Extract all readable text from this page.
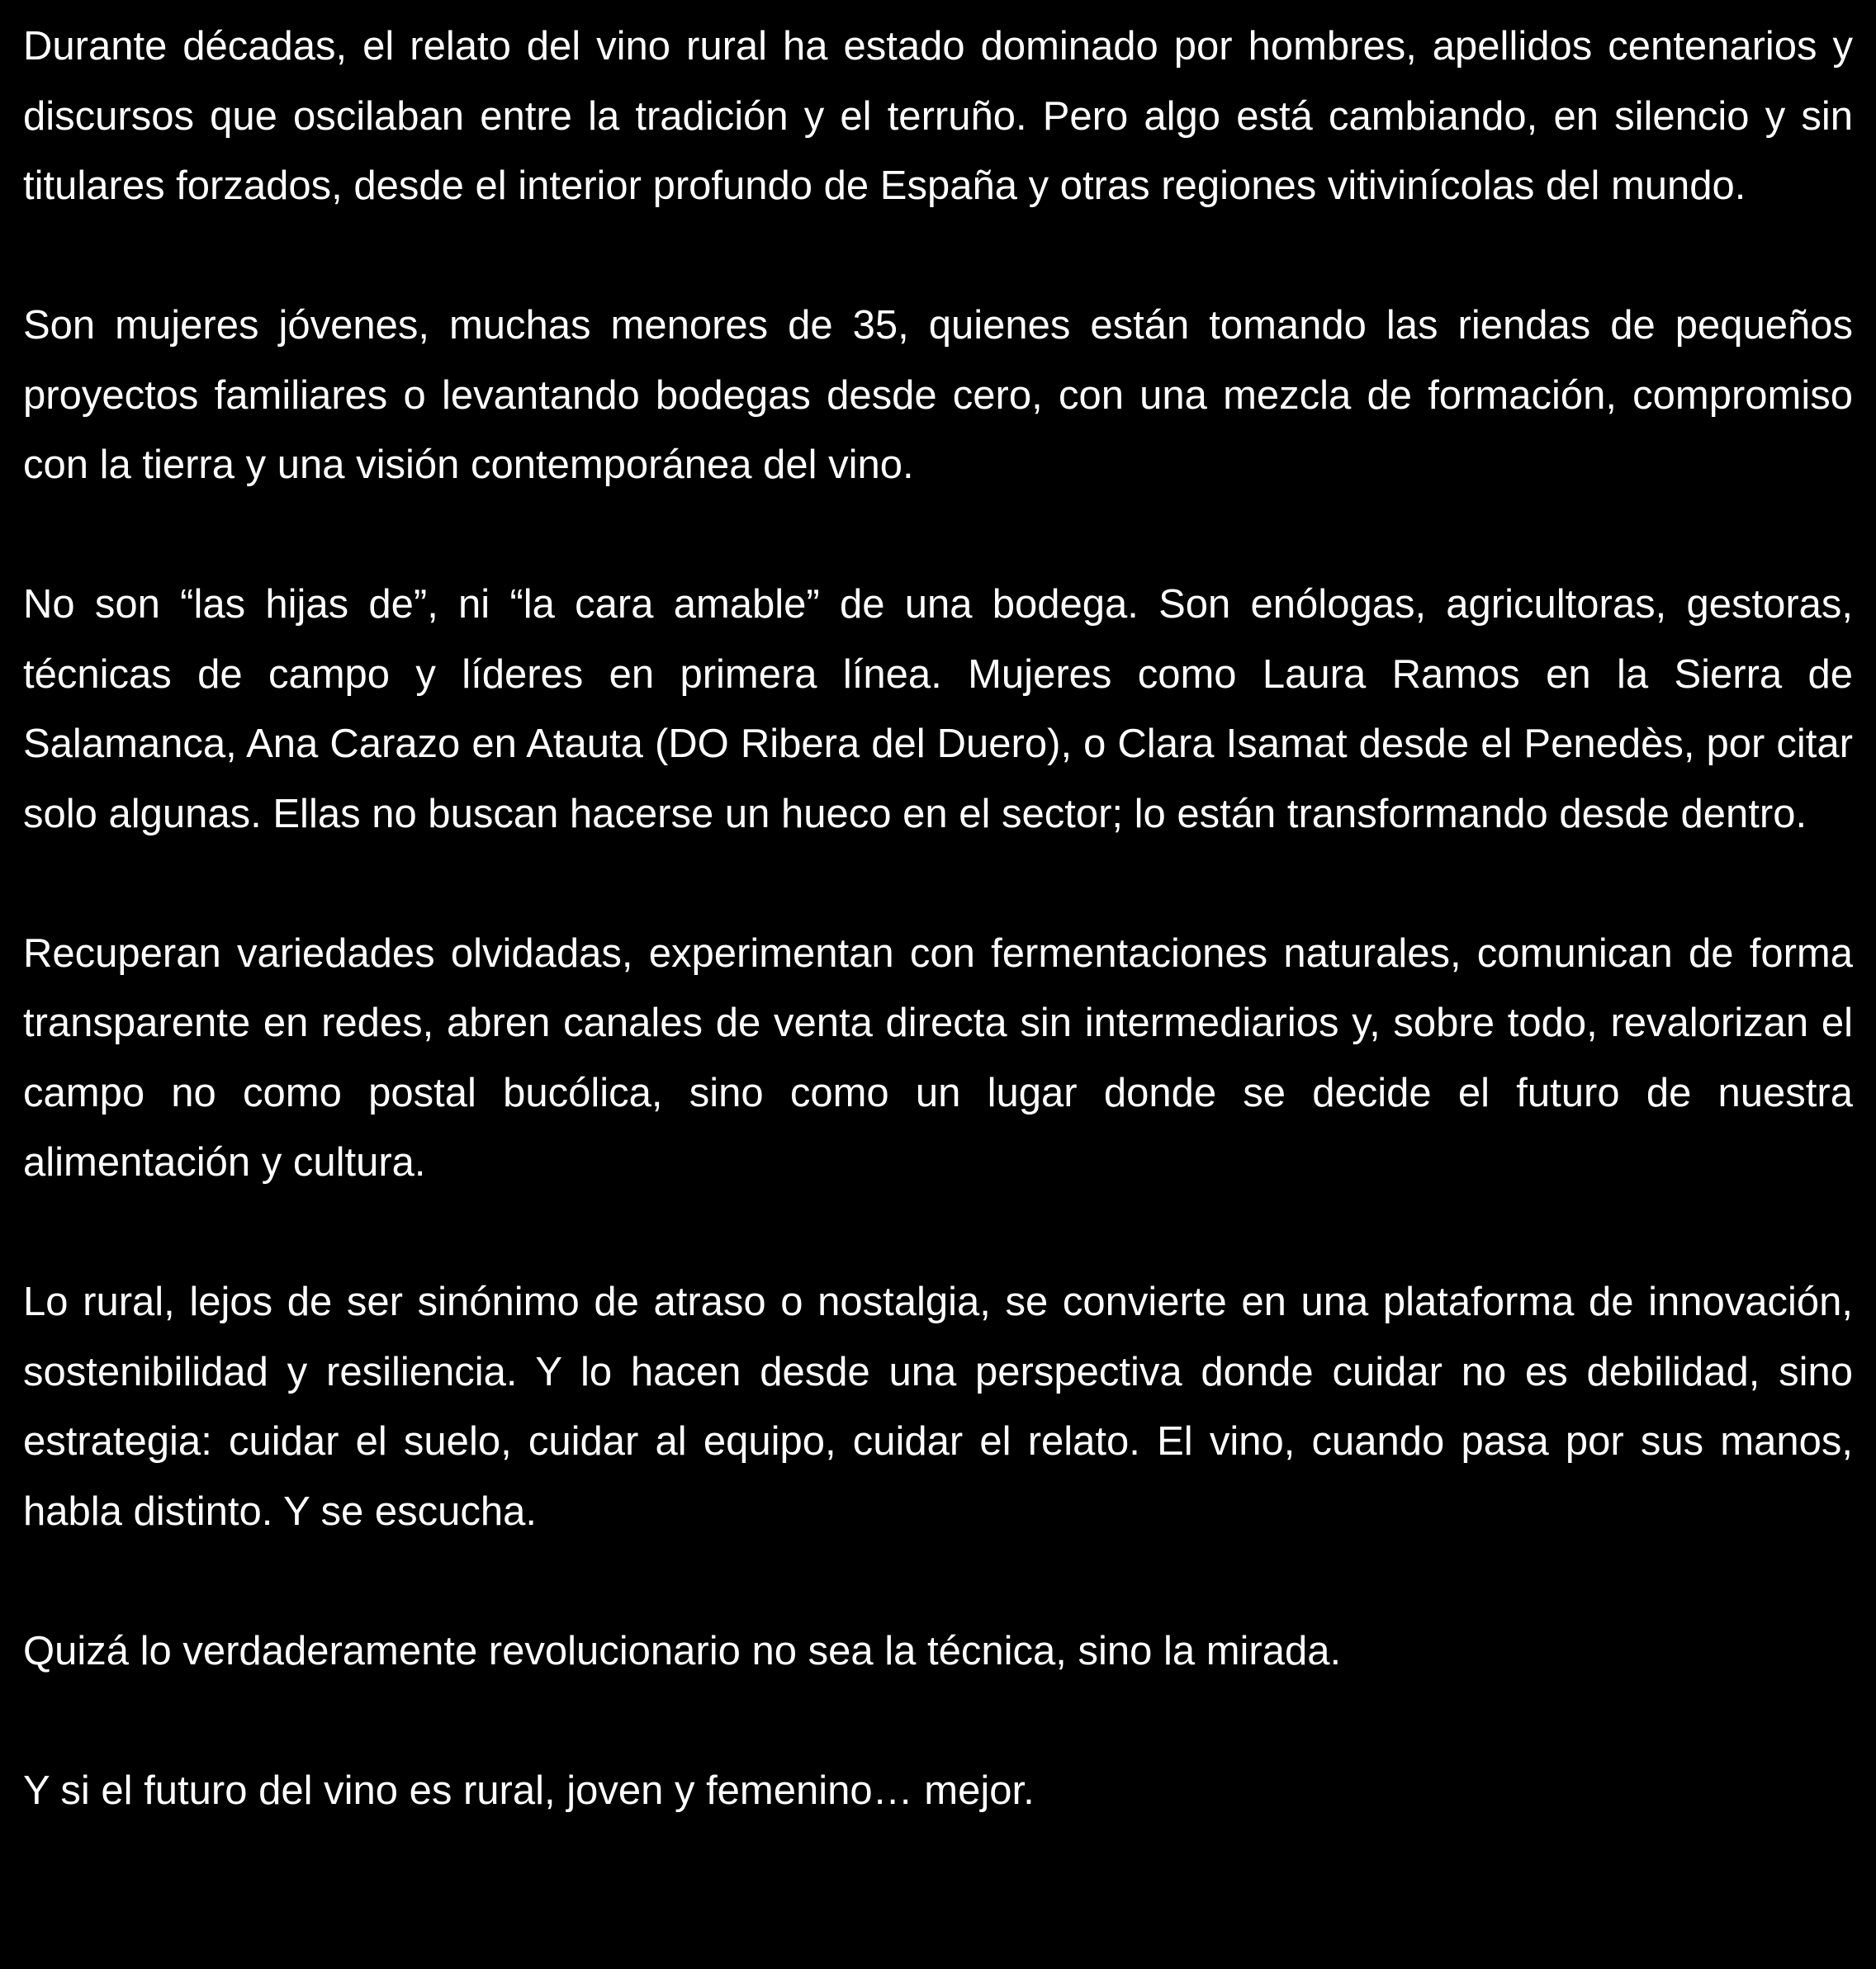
Durante décadas, el relato del vino rural ha estado dominado por hombres, apellidos centenarios y discursos que oscilaban entre la tradición y el terruño. Pero algo está cambiando, en silencio y sin titulares forzados, desde el interior profundo de España y otras regiones vitivinícolas del mundo.

Son mujeres jóvenes, muchas menores de 35, quienes están tomando las riendas de pequeños proyectos familiares o levantando bodegas desde cero, con una mezcla de formación, compromiso con la tierra y una visión contemporánea del vino.

No son “las hijas de”, ni “la cara amable” de una bodega. Son enólogas, agricultoras, gestoras, técnicas de campo y líderes en primera línea. Mujeres como Laura Ramos en la Sierra de Salamanca, Ana Carazo en Atauta (DO Ribera del Duero), o Clara Isamat desde el Penedès, por citar solo algunas. Ellas no buscan hacerse un hueco en el sector; lo están transformando desde dentro.

Recuperan variedades olvidadas, experimentan con fermentaciones naturales, comunican de forma transparente en redes, abren canales de venta directa sin intermediarios y, sobre todo, revalorizan el campo no como postal bucólica, sino como un lugar donde se decide el futuro de nuestra alimentación y cultura.

Lo rural, lejos de ser sinónimo de atraso o nostalgia, se convierte en una plataforma de innovación, sostenibilidad y resiliencia. Y lo hacen desde una perspectiva donde cuidar no es debilidad, sino estrategia: cuidar el suelo, cuidar al equipo, cuidar el relato. El vino, cuando pasa por sus manos, habla distinto. Y se escucha.

Quizá lo verdaderamente revolucionario no sea la técnica, sino la mirada.

Y si el futuro del vino es rural, joven y femenino… mejor.
